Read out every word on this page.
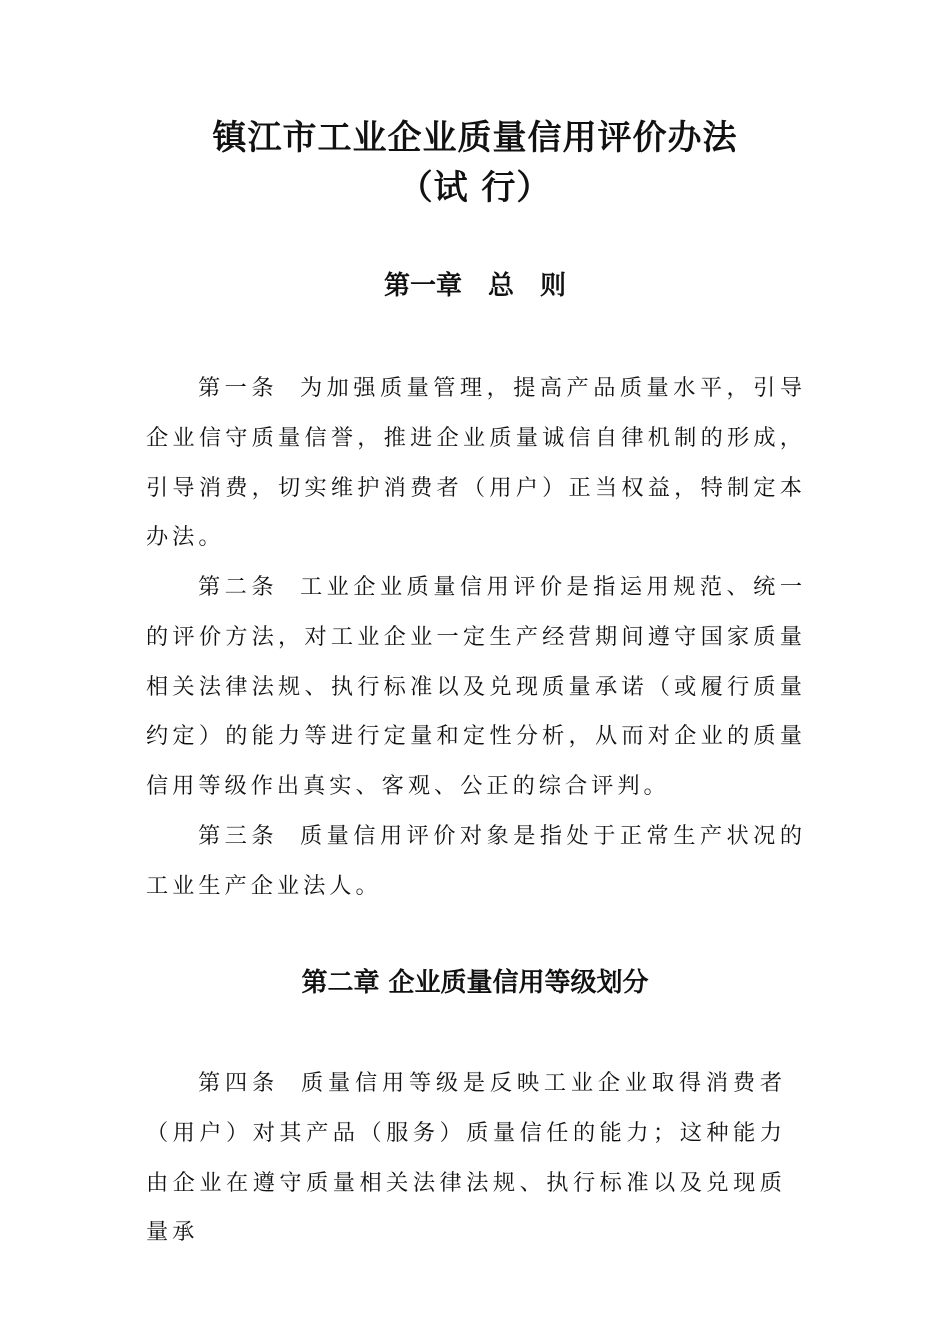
镇江市工业企业质量信用评价办法
（试 行）
第一章　总　则

第一条 为加强质量管理，提高产品质量水平，引导企业信守质量信誉，推进企业质量诚信自律机制的形成，引导消费，切实维护消费者（用户）正当权益，特制定本办法。

第二条 工业企业质量信用评价是指运用规范、统一的评价方法，对工业企业一定生产经营期间遵守国家质量相关法律法规、执行标准以及兑现质量承诺（或履行质量约定）的能力等进行定量和定性分析，从而对企业的质量信用等级作出真实、客观、公正的综合评判。

第三条 质量信用评价对象是指处于正常生产状况的工业生产企业法人。

第二章 企业质量信用等级划分

第四条 质量信用等级是反映工业企业取得消费者（用户）对其产品（服务）质量信任的能力；这种能力由企业在遵守质量相关法律法规、执行标准以及兑现质量承
